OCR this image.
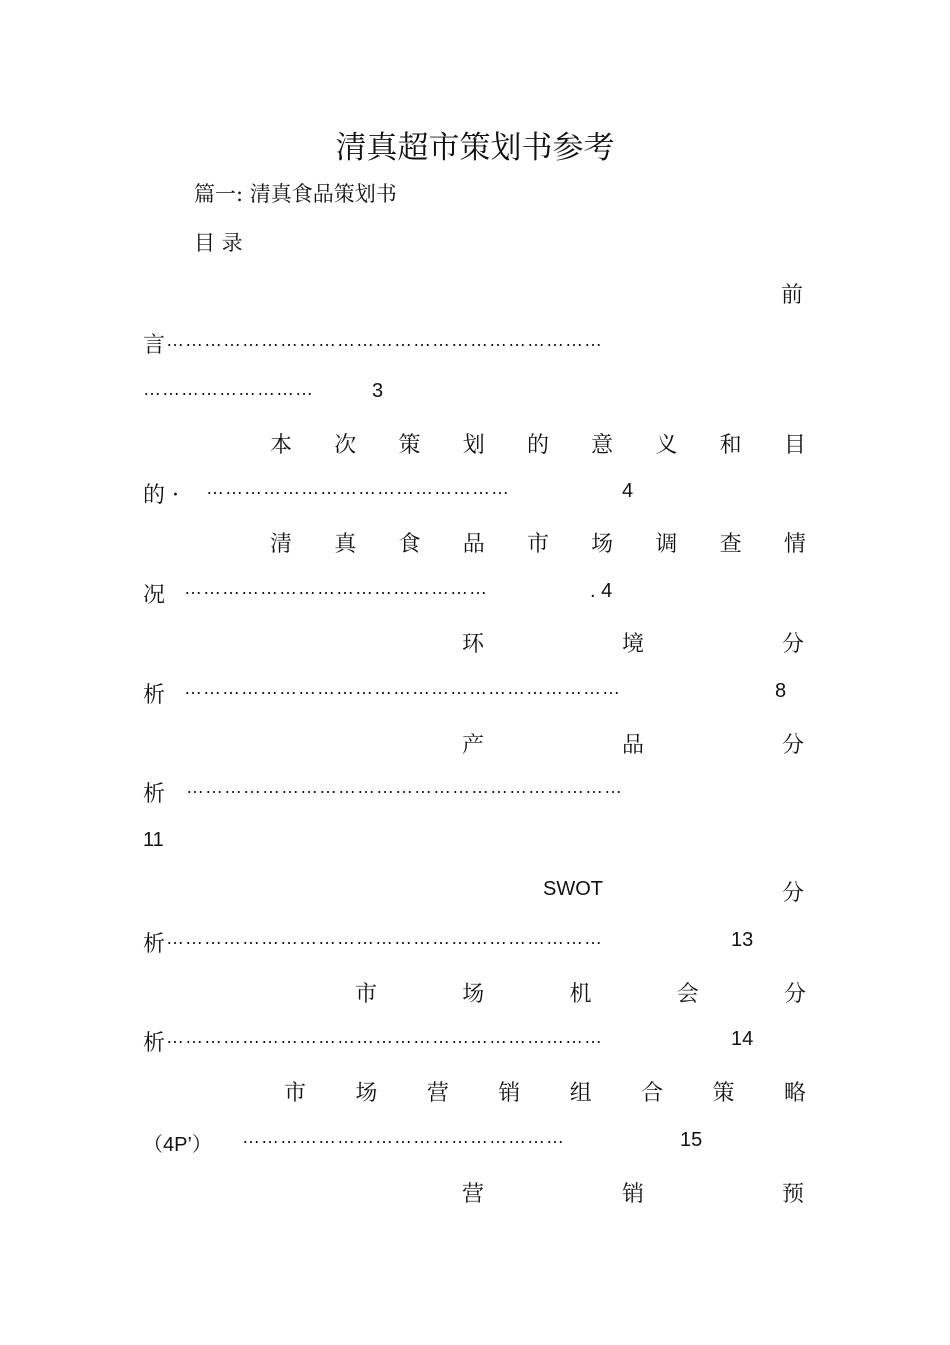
清真超市策划书参考
篇一: 清真食品策划书
目 录
前
言 ……………………………………………………………
………………………	3
本 次 策 划 的 意 义 和 目
的 · …………………………………………	4
清 真 食 品 市 场 调 查 情
况 …………………………………………	. 4
环	境	分
析 ……………………………………………………………	8
产	品	分
析 ……………………………………………………………
11
SWOT	分
析 ……………………………………………………………	13
市	场	机	会	分
析 ……………………………………………………………	14
市 场 营 销 组 合 策 略
（4P’） ……………………………………………	15
营	销	预
